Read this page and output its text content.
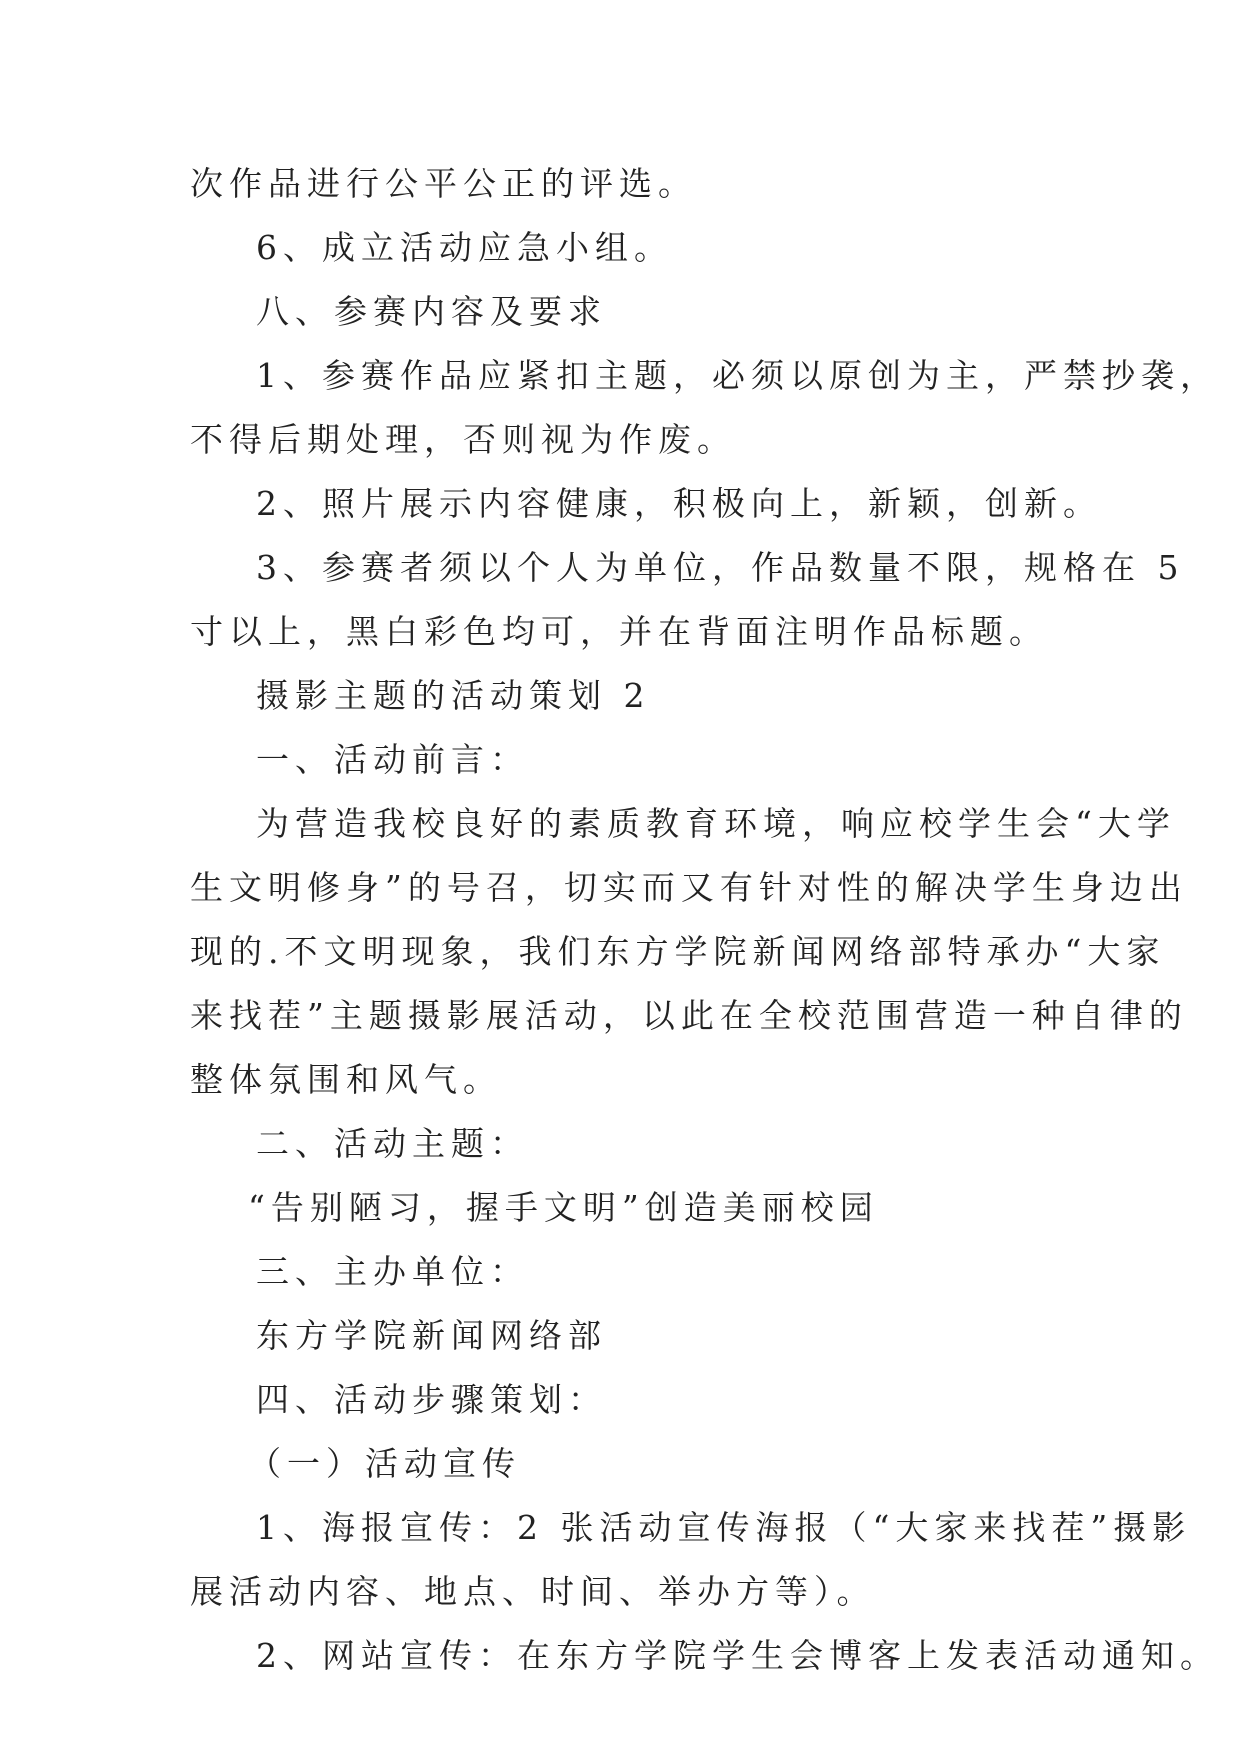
次作品进行公平公正的评选。

6、成立活动应急小组。

八、参赛内容及要求

1、参赛作品应紧扣主题，必须以原创为主，严禁抄袭，

不得后期处理，否则视为作废。

2、照片展示内容健康，积极向上，新颖，创新。

3、参赛者须以个人为单位，作品数量不限，规格在 5

寸以上，黑白彩色均可，并在背面注明作品标题。

摄影主题的活动策划 2

一、活动前言：

为营造我校良好的素质教育环境，响应校学生会“大学

生文明修身”的号召，切实而又有针对性的解决学生身边出

现的.不文明现象，我们东方学院新闻网络部特承办“大家

来找茬”主题摄影展活动，以此在全校范围营造一种自律的

整体氛围和风气。

二、活动主题：

“告别陋习，握手文明”创造美丽校园

三、主办单位：

东方学院新闻网络部

四、活动步骤策划：

（一）活动宣传

1、海报宣传：2 张活动宣传海报（“大家来找茬”摄影

展活动内容、地点、时间、举办方等）。

2、网站宣传：在东方学院学生会博客上发表活动通知。
